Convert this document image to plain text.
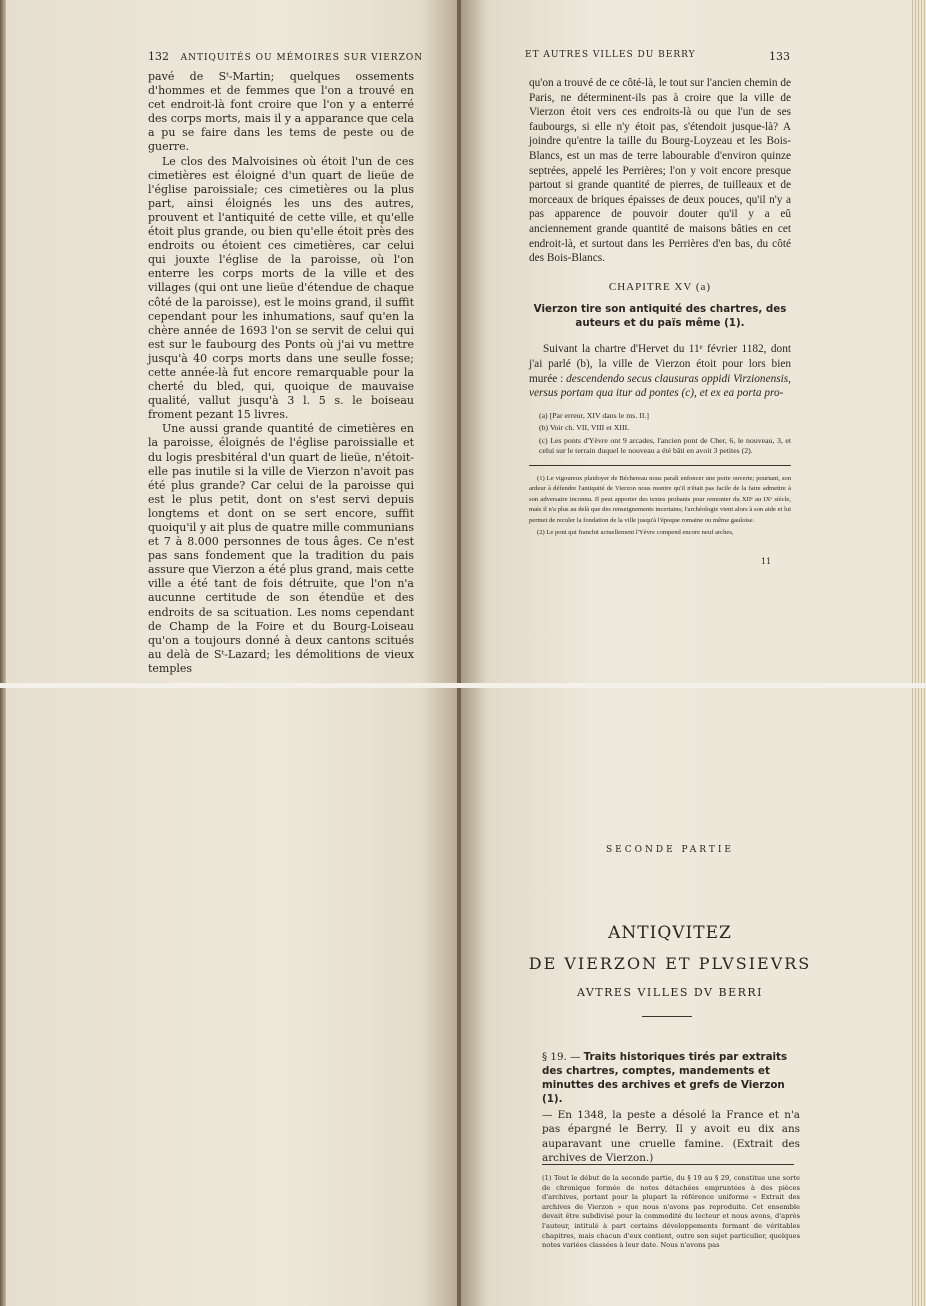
132 ANTIQUITÉS OU MÉMOIRES SUR VIERZON

pavé de Sᵗ-Martin; quelques ossements d'hommes et de femmes que l'on a trouvé en cet endroit-là font croire que l'on y a enterré des corps morts, mais il y a apparance que cela a pu se faire dans les tems de peste ou de guerre.

Le clos des Malvoisines où étoit l'un de ces cimetières est éloigné d'un quart de lieüe de l'église paroissiale; ces cimetières ou la plus part, ainsi éloignés les uns des autres, prouvent et l'antiquité de cette ville, et qu'elle étoit plus grande, ou bien qu'elle étoit près des endroits ou étoient ces cimetières, car celui qui jouxte l'église de la paroisse, où l'on enterre les corps morts de la ville et des villages (qui ont une lieüe d'étendue de chaque côté de la paroisse), est le moins grand, il suffit cependant pour les inhumations, sauf qu'en la chère année de 1693 l'on se servit de celui qui est sur le faubourg des Ponts où j'ai vu mettre jusqu'à 40 corps morts dans une seulle fosse; cette année-là fut encore remarquable pour la cherté du bled, qui, quoique de mauvaise qualité, vallut jusqu'à 3 l. 5 s. le boiseau froment pezant 15 livres.

Une aussi grande quantité de cimetières en la paroisse, éloignés de l'église paroissialle et du logis presbitéral d'un quart de lieüe, n'étoit-elle pas inutile si la ville de Vierzon n'avoit pas été plus grande? Car celui de la paroisse qui est le plus petit, dont on s'est servi depuis longtems et dont on se sert encore, suffit quoiqu'il y ait plus de quatre mille communians et 7 à 8.000 personnes de tous âges. Ce n'est pas sans fondement que la tradition du pais assure que Vierzon a été plus grand, mais cette ville a été tant de fois détruite, que l'on n'a aucunne certitude de son étendüe et des endroits de sa scituation. Les noms cependant de Champ de la Foire et du Bourg-Loiseau qu'on a toujours donné à deux cantons scitués au delà de Sᵗ-Lazard; les démolitions de vieux temples

ET AUTRES VILLES DU BERRY	133

qu'on a trouvé de ce côté-là, le tout sur l'ancien chemin de Paris, ne déterminent-ils pas à croire que la ville de Vierzon étoit vers ces endroits-là ou que l'un de ses faubourgs, si elle n'y étoit pas, s'étendoit jusque-là? A joindre qu'entre la taille du Bourg-Loyzeau et les Bois-Blancs, est un mas de terre labourable d'environ quinze septrées, appelé les Perrières; l'on y voit encore presque partout si grande quantité de pierres, de tuilleaux et de morceaux de briques épaisses de deux pouces, qu'il n'y a pas apparence de pouvoir douter qu'il y a eû anciennement grande quantité de maisons bâties en cet endroit-là, et surtout dans les Perrières d'en bas, du côté des Bois-Blancs.

CHAPITRE XV (a)
Vierzon tire son antiquité des chartres, des auteurs et du païs même (1).

Suivant la chartre d'Hervet du 11ᵉ février 1182, dont j'ai parlé (b), la ville de Vierzon étoit pour lors bien murée : descendendo secus clausuras oppidi Virzionensis, versus portam qua itur ad pontes (c), et ex ea porta pro-

(a) [Par erreur, XIV dans le ms. II.]
(b) Voir ch. VII, VIII et XIII.
(c) Les ponts d'Yèvre ont 9 arcades, l'ancien pont de Cher, 6, le nouveau, 3, et celui sur le terrain duquel le nouveau a été bâti en avoit 3 petites (2).

(1) Le vigoureux plaidoyer de Béchereau nous paraît enfoncer une porte ouverte; pourtant, son ardeur à défendre l'antiquité de Vierzon nous montre qu'il n'était pas facile de la faire admettre à son adversaire inconnu. Il peut apporter des textes probants pour remonter du XIIᵉ au IXᵉ siècle, mais il n'a plus au delà que des renseignements incertains; l'archéologie vient alors à son aide et lui permet de reculer la fondation de la ville jusqu'à l'époque romaine ou même gauloise.

(2) Le pont qui franchit actuellement l'Yèvre compend encore neuf arches,

11
SECONDE PARTIE
ANTIQVITEZ
DE VIERZON ET PLVSIEVRS
AVTRES VILLES DV BERRI
§ 19. — Traits historiques tirés par extraits des chartres, comptes, mandements et minuttes des archives et grefs de Vierzon (1).
— En 1348, la peste a désolé la France et n'a pas épargné le Berry. Il y avoit eu dix ans auparavant une cruelle famine. (Extrait des archives de Vierzon.)
(1) Tout le début de la seconde partie, du § 19 au § 29, constitue une sorte de chronique formée de notes détachées empruntées à des pièces d'archives, portant pour la plupart la référence uniforme « Extrait des archives de Vierzon » que nous n'avons pas reproduite. Cet ensemble devait être subdivisé pour la commodité du lecteur et nous avons, d'après l'auteur, intitulé à part certains développements formant de véritables chapitres, mais chacun d'eux contient, outre son sujet particulier, quelques notes variées classées à leur date. Nous n'avons pas
